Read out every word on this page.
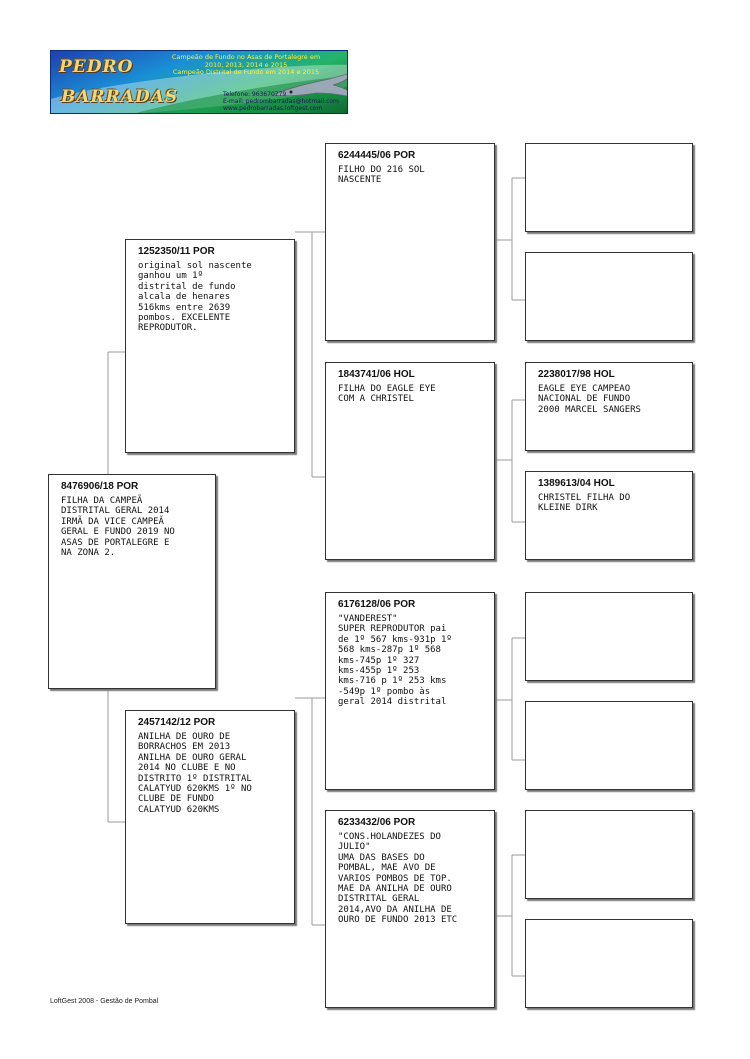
PEDRO
BARRADAS
Campeão de Fundo no Asas de Portalegre em
2010, 2013, 2014 e 2015
Campeão Distrital de Fundo em 2014 e 2015
Telefone: 963670779
E-mail: pedrombarradas@hotmail.com
www.pedrobarradas.loftgest.com
8476906/18 POR
FILHA DA CAMPEÃ
DISTRITAL GERAL 2014
IRMÃ DA VICE CAMPEÃ
GERAL E FUNDO 2019 NO
ASAS DE PORTALEGRE E
NA ZONA 2.
1252350/11 POR
original sol nascente
ganhou um 1º
distrital de fundo
alcala de henares
516kms entre 2639
pombos. EXCELENTE
REPRODUTOR.
2457142/12 POR
ANILHA DE OURO DE
BORRACHOS EM 2013
ANILHA DE OURO GERAL
2014 NO CLUBE E NO
DISTRITO 1º DISTRITAL
CALATYUD 620KMS 1º NO
CLUBE DE FUNDO
CALATYUD 620KMS
6244445/06 POR
FILHO DO 216 SOL
NASCENTE
1843741/06 HOL
FILHA DO EAGLE EYE
COM A CHRISTEL
6176128/06 POR
"VANDEREST"
SUPER REPRODUTOR pai
de 1º 567 kms-931p 1º
568 kms-287p 1º 568
kms-745p 1º 327
kms-455p 1º 253
kms-716 p 1º 253 kms
-549p 1º pombo às
geral 2014 distrital
6233432/06 POR
"CONS.HOLANDEZES DO
JULIO"
UMA DAS BASES DO
POMBAL, MAE AVO DE
VARIOS POMBOS DE TOP.
MAE DA ANILHA DE OURO
DISTRITAL GERAL
2014,AVO DA ANILHA DE
OURO DE FUNDO 2013 ETC
2238017/98 HOL
EAGLE EYE CAMPEAO
NACIONAL DE FUNDO
2000 MARCEL SANGERS
1389613/04 HOL
CHRISTEL FILHA DO
KLEINE DIRK
LoftGest 2008 - Gestão de Pombal
